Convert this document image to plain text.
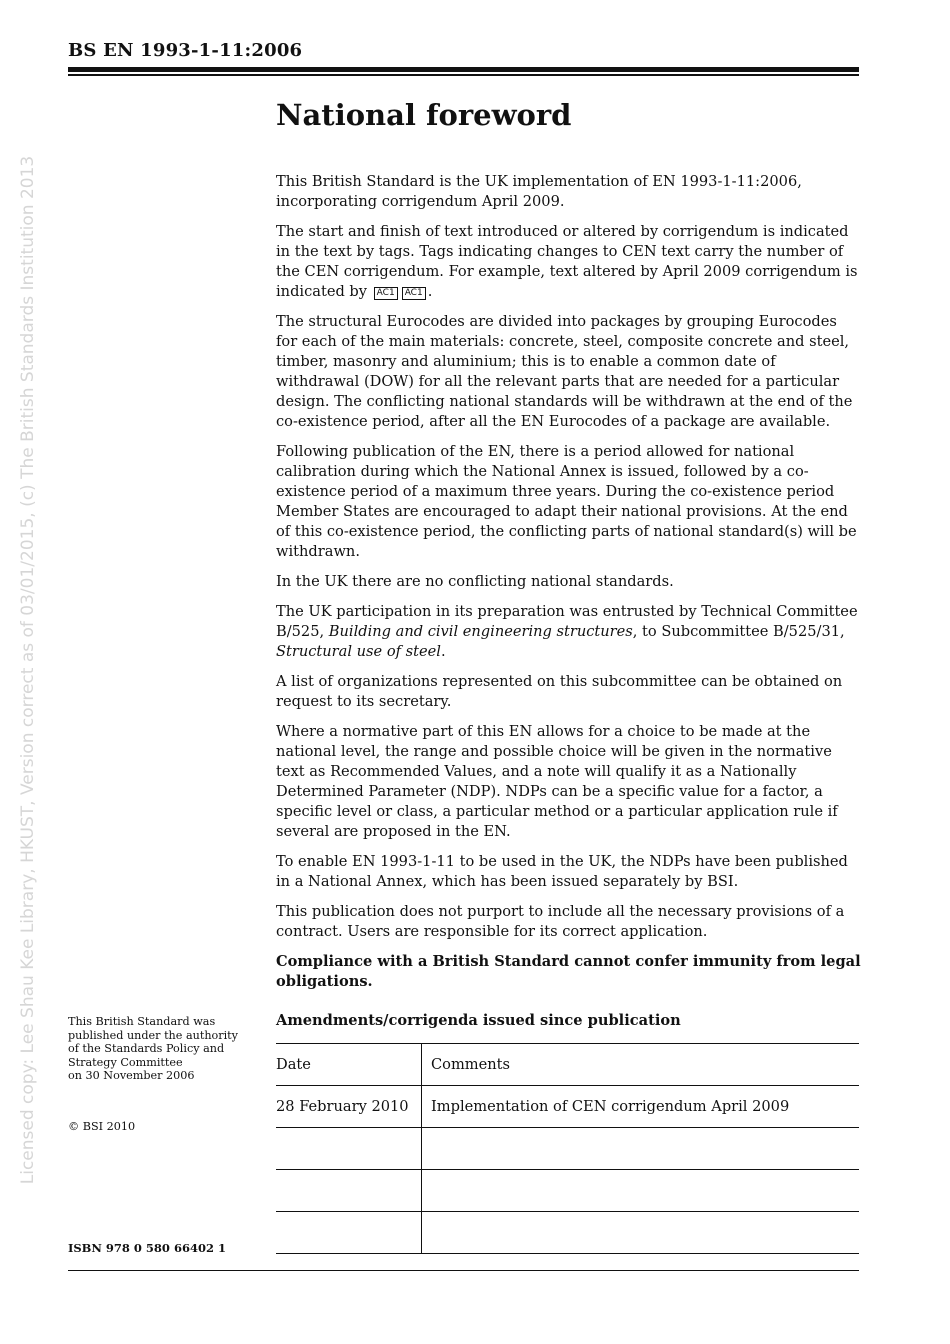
BS EN 1993-1-11:2006
Licensed copy: Lee Shau Kee Library, HKUST, Version correct as of 03/01/2015, (c) The British Standards Institution 2013
National foreword

This British Standard is the UK implementation of EN 1993-1-11:2006, incorporating corrigendum April 2009.

The start and finish of text introduced or altered by corrigendum is indicated in the text by tags. Tags indicating changes to CEN text carry the number of the CEN corrigendum. For example, text altered by April 2009 corrigendum is indicated by AC1 AC1 .

The structural Eurocodes are divided into packages by grouping Eurocodes for each of the main materials: concrete, steel, composite concrete and steel, timber, masonry and aluminium; this is to enable a common date of withdrawal (DOW) for all the relevant parts that are needed for a particular design. The conflicting national standards will be withdrawn at the end of the co-existence period, after all the EN Eurocodes of a package are available.

Following publication of the EN, there is a period allowed for national calibration during which the National Annex is issued, followed by a co-existence period of a maximum three years. During the co-existence period Member States are encouraged to adapt their national provisions. At the end of this co-existence period, the conflicting parts of national standard(s) will be withdrawn.

In the UK there are no conflicting national standards.

The UK participation in its preparation was entrusted by Technical Committee B/525, Building and civil engineering structures, to Subcommittee B/525/31, Structural use of steel.

A list of organizations represented on this subcommittee can be obtained on request to its secretary.

Where a normative part of this EN allows for a choice to be made at the national level, the range and possible choice will be given in the normative text as Recommended Values, and a note will qualify it as a Nationally Determined Parameter (NDP). NDPs can be a specific value for a factor, a specific level or class, a particular method or a particular application rule if several are proposed in the EN.

To enable EN 1993-1-11 to be used in the UK, the NDPs have been published in a National Annex, which has been issued separately by BSI.

This publication does not purport to include all the necessary provisions of a contract. Users are responsible for its correct application.

Compliance with a British Standard cannot confer immunity from legal obligations.

Amendments/corrigenda issued since publication
Date	Comments
28 February 2010	Implementation of CEN corrigendum April 2009

This British Standard was
published under the authority
of the Standards Policy and
Strategy Committee
on 30 November 2006
© BSI 2010
ISBN 978 0 580 66402 1
